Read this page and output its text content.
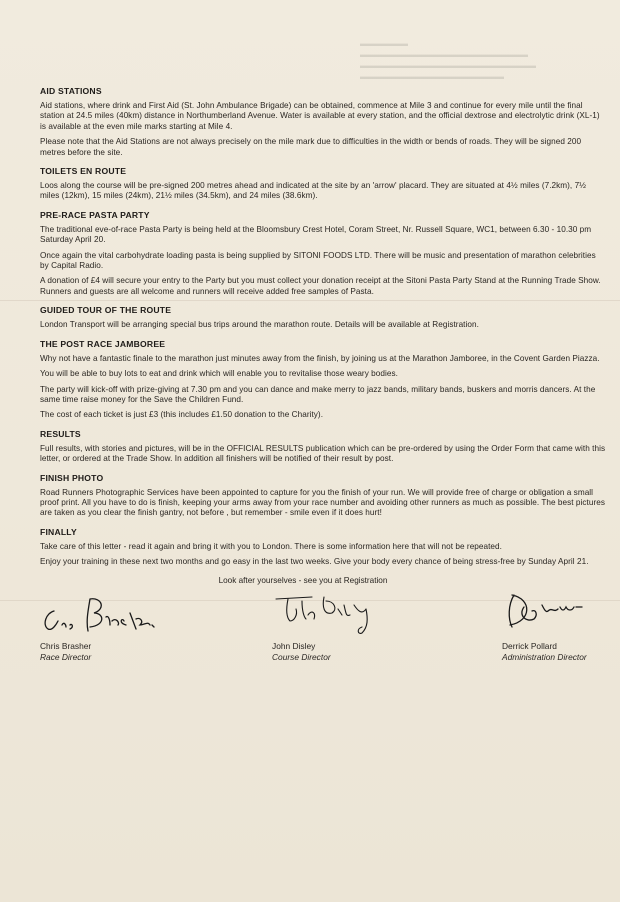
▬▬▬▬▬▬
▬▬▬▬▬▬▬▬▬▬▬▬▬▬▬▬▬▬▬▬▬
▬▬▬▬▬▬▬▬▬▬▬▬▬▬▬▬▬▬▬▬▬▬
▬▬▬▬▬▬▬▬▬▬▬▬▬▬▬▬▬▬
AID STATIONS

Aid stations, where drink and First Aid (St. John Ambulance Brigade) can be obtained, commence at Mile 3 and continue for every mile until the final station at 24.5 miles (40km) distance in Northumberland Avenue. Water is available at every station, and the official dextrose and electrolytic drink (XL-1) is available at the even mile marks starting at Mile 4.

Please note that the Aid Stations are not always precisely on the mile mark due to difficulties in the width or bends of roads. They will be signed 200 metres before the site.

TOILETS EN ROUTE

Loos along the course will be pre-signed 200 metres ahead and indicated at the site by an 'arrow' placard. They are situated at 4½ miles (7.2km), 7½ miles (12km), 15 miles (24km), 21½ miles (34.5km), and 24 miles (38.6km).

PRE-RACE PASTA PARTY

The traditional eve-of-race Pasta Party is being held at the Bloomsbury Crest Hotel, Coram Street, Nr. Russell Square, WC1, between 6.30 - 10.30 pm Saturday April 20.

Once again the vital carbohydrate loading pasta is being supplied by SITONI FOODS LTD. There will be music and presentation of marathon celebrities by Capital Radio.

A donation of £4 will secure your entry to the Party but you must collect your donation receipt at the Sitoni Pasta Party Stand at the Running Trade Show. Runners and guests are all welcome and runners will receive added free samples of Pasta.

GUIDED TOUR OF THE ROUTE

London Transport will be arranging special bus trips around the marathon route. Details will be available at Registration.

THE POST RACE JAMBOREE

Why not have a fantastic finale to the marathon just minutes away from the finish, by joining us at the Marathon Jamboree, in the Covent Garden Piazza.

You will be able to buy lots to eat and drink which will enable you to revitalise those weary bodies.

The party will kick-off with prize-giving at 7.30 pm and you can dance and make merry to jazz bands, military bands, buskers and morris dancers. At the same time raise money for the Save the Children Fund.

The cost of each ticket is just £3 (this includes £1.50 donation to the Charity).

RESULTS

Full results, with stories and pictures, will be in the OFFICIAL RESULTS publication which can be pre-ordered by using the Order Form that came with this letter, or ordered at the Trade Show. In addition all finishers will be notified of their result by post.

FINISH PHOTO

Road Runners Photographic Services have been appointed to capture for you the finish of your run. We will provide free of charge or obligation a small proof print. All you have to do is finish, keeping your arms away from your race number and avoiding other runners as much as possible. The best pictures are taken as you clear the finish gantry, not before , but remember - smile even if it does hurt!

FINALLY

Take care of this letter - read it again and bring it with you to London. There is some information here that will not be repeated.

Enjoy your training in these next two months and go easy in the last two weeks. Give your body every chance of being stress-free by Sunday April 21.

Look after yourselves - see you at Registration

Chris Brasher
Race Director
John Disley
Course Director
Derrick Pollard
Administration Director
